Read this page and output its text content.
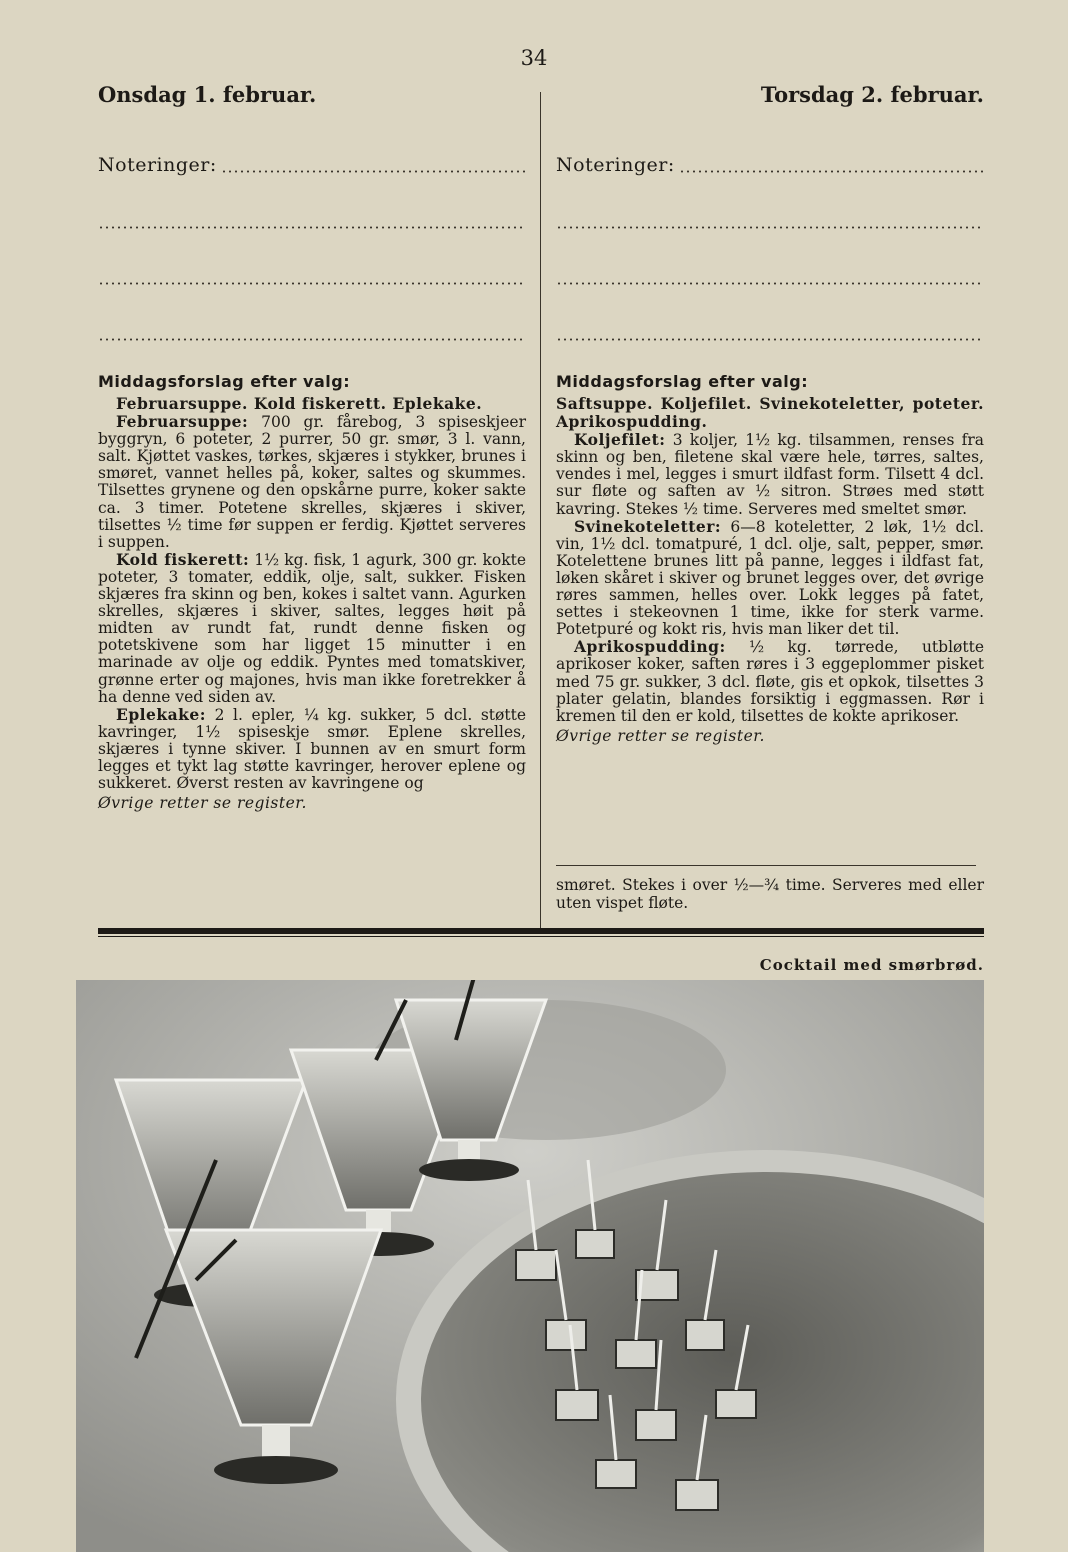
34
Onsdag 1. februar.
Noteringer:
Middagsforslag efter valg:

Februarsuppe. Kold fiskerett. Eplekake.

Februarsuppe: 700 gr. fårebog, 3 spiseskjeer byggryn, 6 poteter, 2 purrer, 50 gr. smør, 3 l. vann, salt. Kjøttet vaskes, tørkes, skjæres i stykker, brunes i smøret, vannet helles på, koker, saltes og skummes. Tilsettes grynene og den opskårne purre, koker sakte ca. 3 timer. Potetene skrelles, skjæres i skiver, tilsettes ½ time før suppen er ferdig. Kjøttet serveres i suppen.

Kold fiskerett: 1½ kg. fisk, 1 agurk, 300 gr. kokte poteter, 3 tomater, eddik, olje, salt, sukker. Fisken skjæres fra skinn og ben, kokes i saltet vann. Agurken skrelles, skjæres i skiver, saltes, legges høit på midten av rundt fat, rundt denne fisken og potetskivene som har ligget 15 minutter i en marinade av olje og eddik. Pyntes med tomatskiver, grønne erter og majones, hvis man ikke foretrekker å ha denne ved siden av.

Eplekake: 2 l. epler, ¼ kg. sukker, 5 dcl. støtte kavringer, 1½ spiseskje smør. Eplene skrelles, skjæres i tynne skiver. I bunnen av en smurt form legges et tykt lag støtte kavringer, herover eplene og sukkeret. Øverst resten av kavringene og

Øvrige retter se register.
Torsdag 2. februar.
Noteringer:
Middagsforslag efter valg:

Saftsuppe. Koljefilet. Svinekoteletter, poteter. Aprikospudding.

Koljefilet: 3 koljer, 1½ kg. tilsammen, renses fra skinn og ben, filetene skal være hele, tørres, saltes, vendes i mel, legges i smurt ildfast form. Tilsett 4 dcl. sur fløte og saften av ½ sitron. Strøes med støtt kavring. Stekes ½ time. Serveres med smeltet smør.

Svinekoteletter: 6—8 koteletter, 2 løk, 1½ dcl. vin, 1½ dcl. tomatpuré, 1 dcl. olje, salt, pepper, smør. Kotelettene brunes litt på panne, legges i ildfast fat, løken skåret i skiver og brunet legges over, det øvrige røres sammen, helles over. Lokk legges på fatet, settes i stekeovnen 1 time, ikke for sterk varme. Potetpuré og kokt ris, hvis man liker det til.

Aprikospudding: ½ kg. tørrede, utbløtte aprikoser koker, saften røres i 3 eggeplommer pisket med 75 gr. sukker, 3 dcl. fløte, gis et opkok, tilsettes 3 plater gelatin, blandes forsiktig i eggmassen. Rør i kremen til den er kold, tilsettes de kokte aprikoser.

Øvrige retter se register.
smøret. Stekes i over ½—¾ time. Serveres med eller uten vispet fløte.
Cocktail med smørbrød.
